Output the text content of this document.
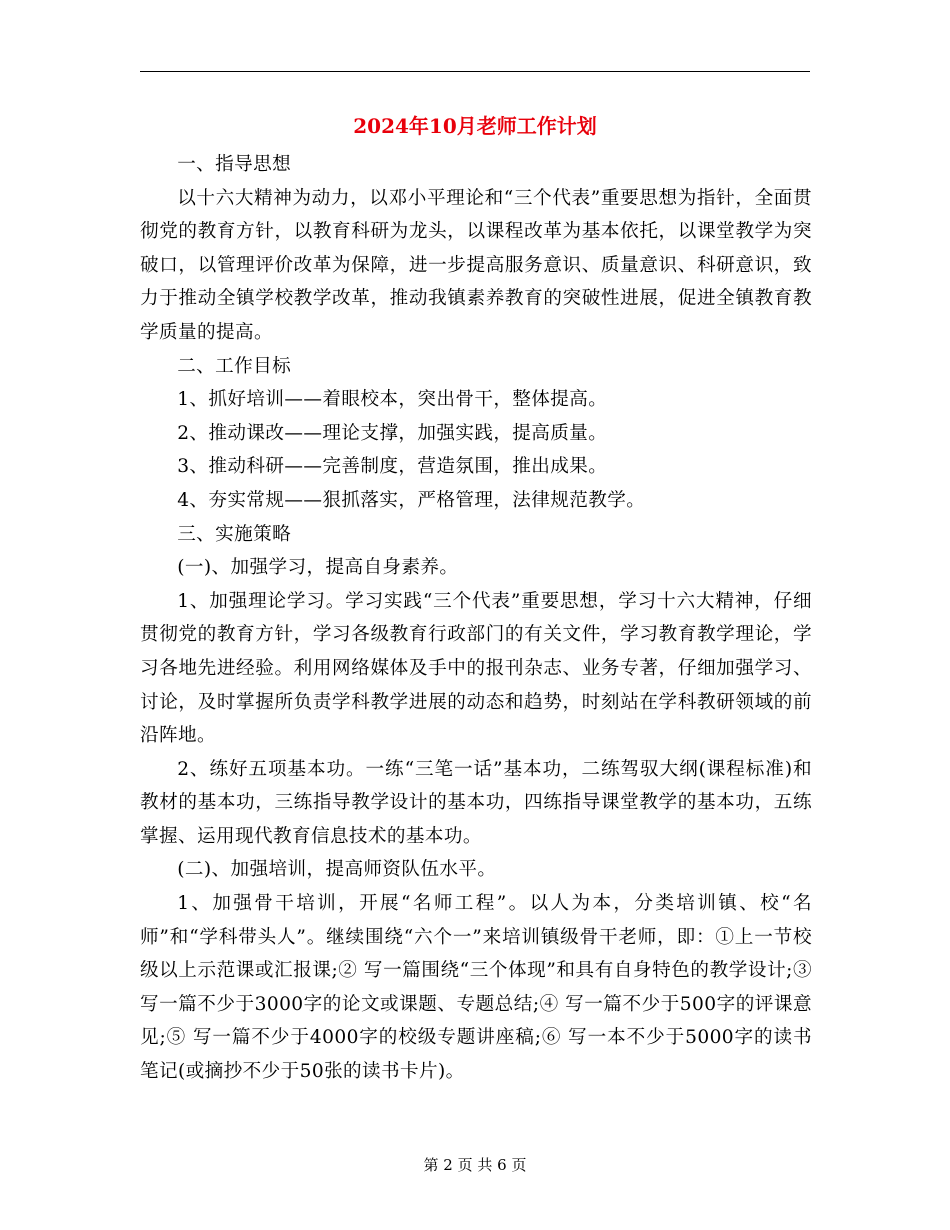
2024年10月老师工作计划

一、指导思想

以十六大精神为动力，以邓小平理论和“三个代表”重要思想为指针，全面贯彻党的教育方针，以教育科研为龙头，以课程改革为基本依托，以课堂教学为突破口，以管理评价改革为保障，进一步提高服务意识、质量意识、科研意识，致力于推动全镇学校教学改革，推动我镇素养教育的突破性进展，促进全镇教育教学质量的提高。

二、工作目标

1、抓好培训——着眼校本，突出骨干，整体提高。

2、推动课改——理论支撑，加强实践，提高质量。

3、推动科研——完善制度，营造氛围，推出成果。

4、夯实常规——狠抓落实，严格管理，法律规范教学。

三、实施策略

(一)、加强学习，提高自身素养。

1、加强理论学习。学习实践“三个代表”重要思想，学习十六大精神，仔细贯彻党的教育方针，学习各级教育行政部门的有关文件，学习教育教学理论，学习各地先进经验。利用网络媒体及手中的报刊杂志、业务专著，仔细加强学习、讨论，及时掌握所负责学科教学进展的动态和趋势，时刻站在学科教研领域的前沿阵地。

2、练好五项基本功。一练“三笔一话”基本功，二练驾驭大纲(课程标准)和教材的基本功，三练指导教学设计的基本功，四练指导课堂教学的基本功，五练掌握、运用现代教育信息技术的基本功。

(二)、加强培训，提高师资队伍水平。

1、加强骨干培训，开展“名师工程”。以人为本，分类培训镇、校“名师”和“学科带头人”。继续围绕“六个一”来培训镇级骨干老师，即：①上一节校级以上示范课或汇报课;② 写一篇围绕“三个体现”和具有自身特色的教学设计;③ 写一篇不少于3000字的论文或课题、专题总结;④ 写一篇不少于500字的评课意见;⑤ 写一篇不少于4000字的校级专题讲座稿;⑥ 写一本不少于5000字的读书笔记(或摘抄不少于50张的读书卡片)。

第 2 页 共 6 页
